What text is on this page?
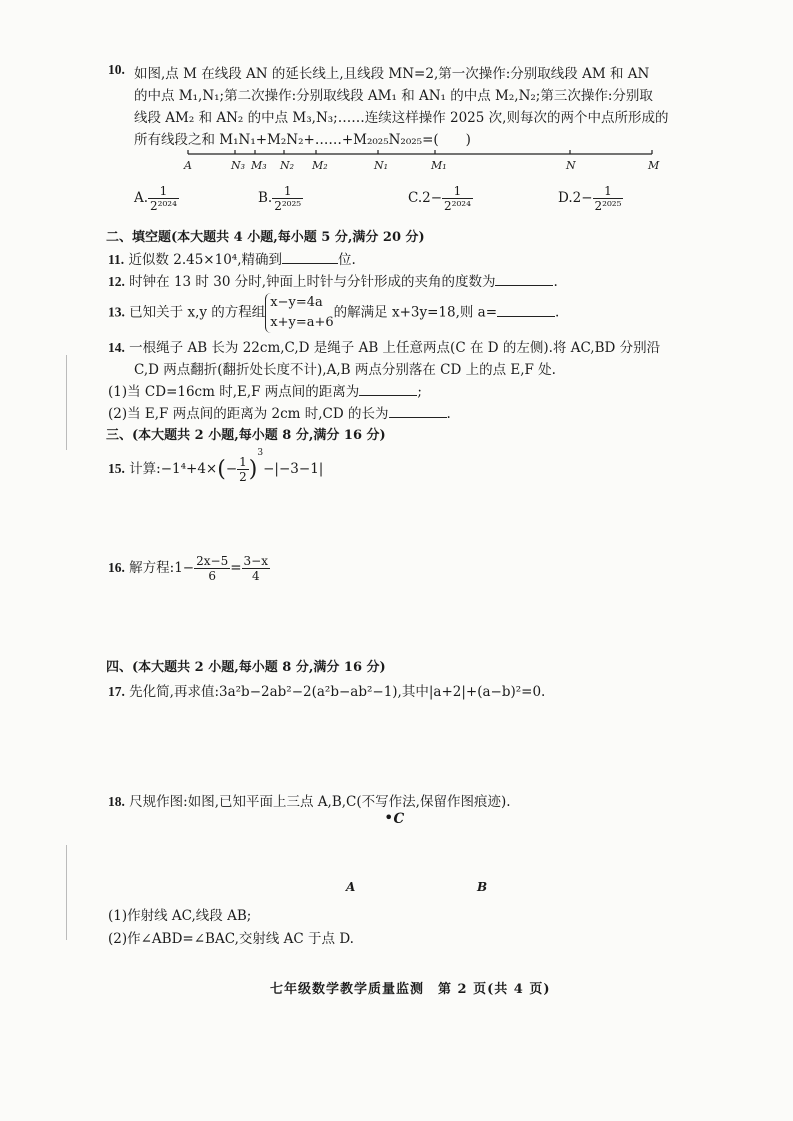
10. 如图,点 M 在线段 AN 的延长线上,且线段 MN=2,第一次操作:分别取线段 AM 和 AN
的中点 M₁,N₁;第二次操作:分别取线段 AM₁ 和 AN₁ 的中点 M₂,N₂;第三次操作:分别取
线段 AM₂ 和 AN₂ 的中点 M₃,N₃;……连续这样操作 2025 次,则每次的两个中点所形成的
所有线段之和 M₁N₁+M₂N₂+……+M₂₀₂₅N₂₀₂₅=(　　)
A	N₃ M₃ N₂ M₂	N₁	M₁	N	M
A. $\frac{1}{\text{2²⁰²⁴}}$	B. $\frac{1}{\text{2²⁰²⁵}}$	$C.2- \frac{1}{\text{2²⁰²⁴}}$	$D.2- \frac{1}{\text{2²⁰²⁵}}$
二、填空题(本大题共 4 小题,每小题 5 分,满分 20 分)
11. 近似数 2.45×10⁴,精确到	位.
12. 时钟在 13 时 30 分时,钟面上时针与分针形成的夹角的度数为	.
13. 已知关于 x,y 的方程组
x−y=4a
x+y=a+6
的解满足 x+3y=18,则 a=	.
14. 一根绳子 AB 长为 22cm,C,D 是绳子 AB 上任意两点(C 在 D 的左侧).将 AC,BD 分别沿
C,D 两点翻折(翻折处长度不计),A,B 两点分别落在 CD 上的点 E,F 处.
(1)当 CD=16cm 时,E,F 两点间的距离为	;
(2)当 E,F 两点间的距离为 2cm 时,CD 的长为	.
三、(本大题共 2 小题,每小题 8 分,满分 16 分)
15. 计算:−1⁴+4×(− $\frac{1}{2} )^3-|-3-1|$
16. 解方程:1− $\frac{2x-5}{6} = \frac{3-x}{4}$
四、(本大题共 2 小题,每小题 8 分,满分 16 分)
17. 先化简,再求值:3a²b−2ab²−2(a²b−ab²−1),其中|a+2|+(a−b)²=0.
18. 尺规作图:如图,已知平面上三点 A,B,C(不写作法,保留作图痕迹).
•C
A	B
(1)作射线 AC,线段 AB;
(2)作∠ABD=∠BAC,交射线 AC 于点 D.
七年级数学教学质量监测　第 2 页(共 4 页)
